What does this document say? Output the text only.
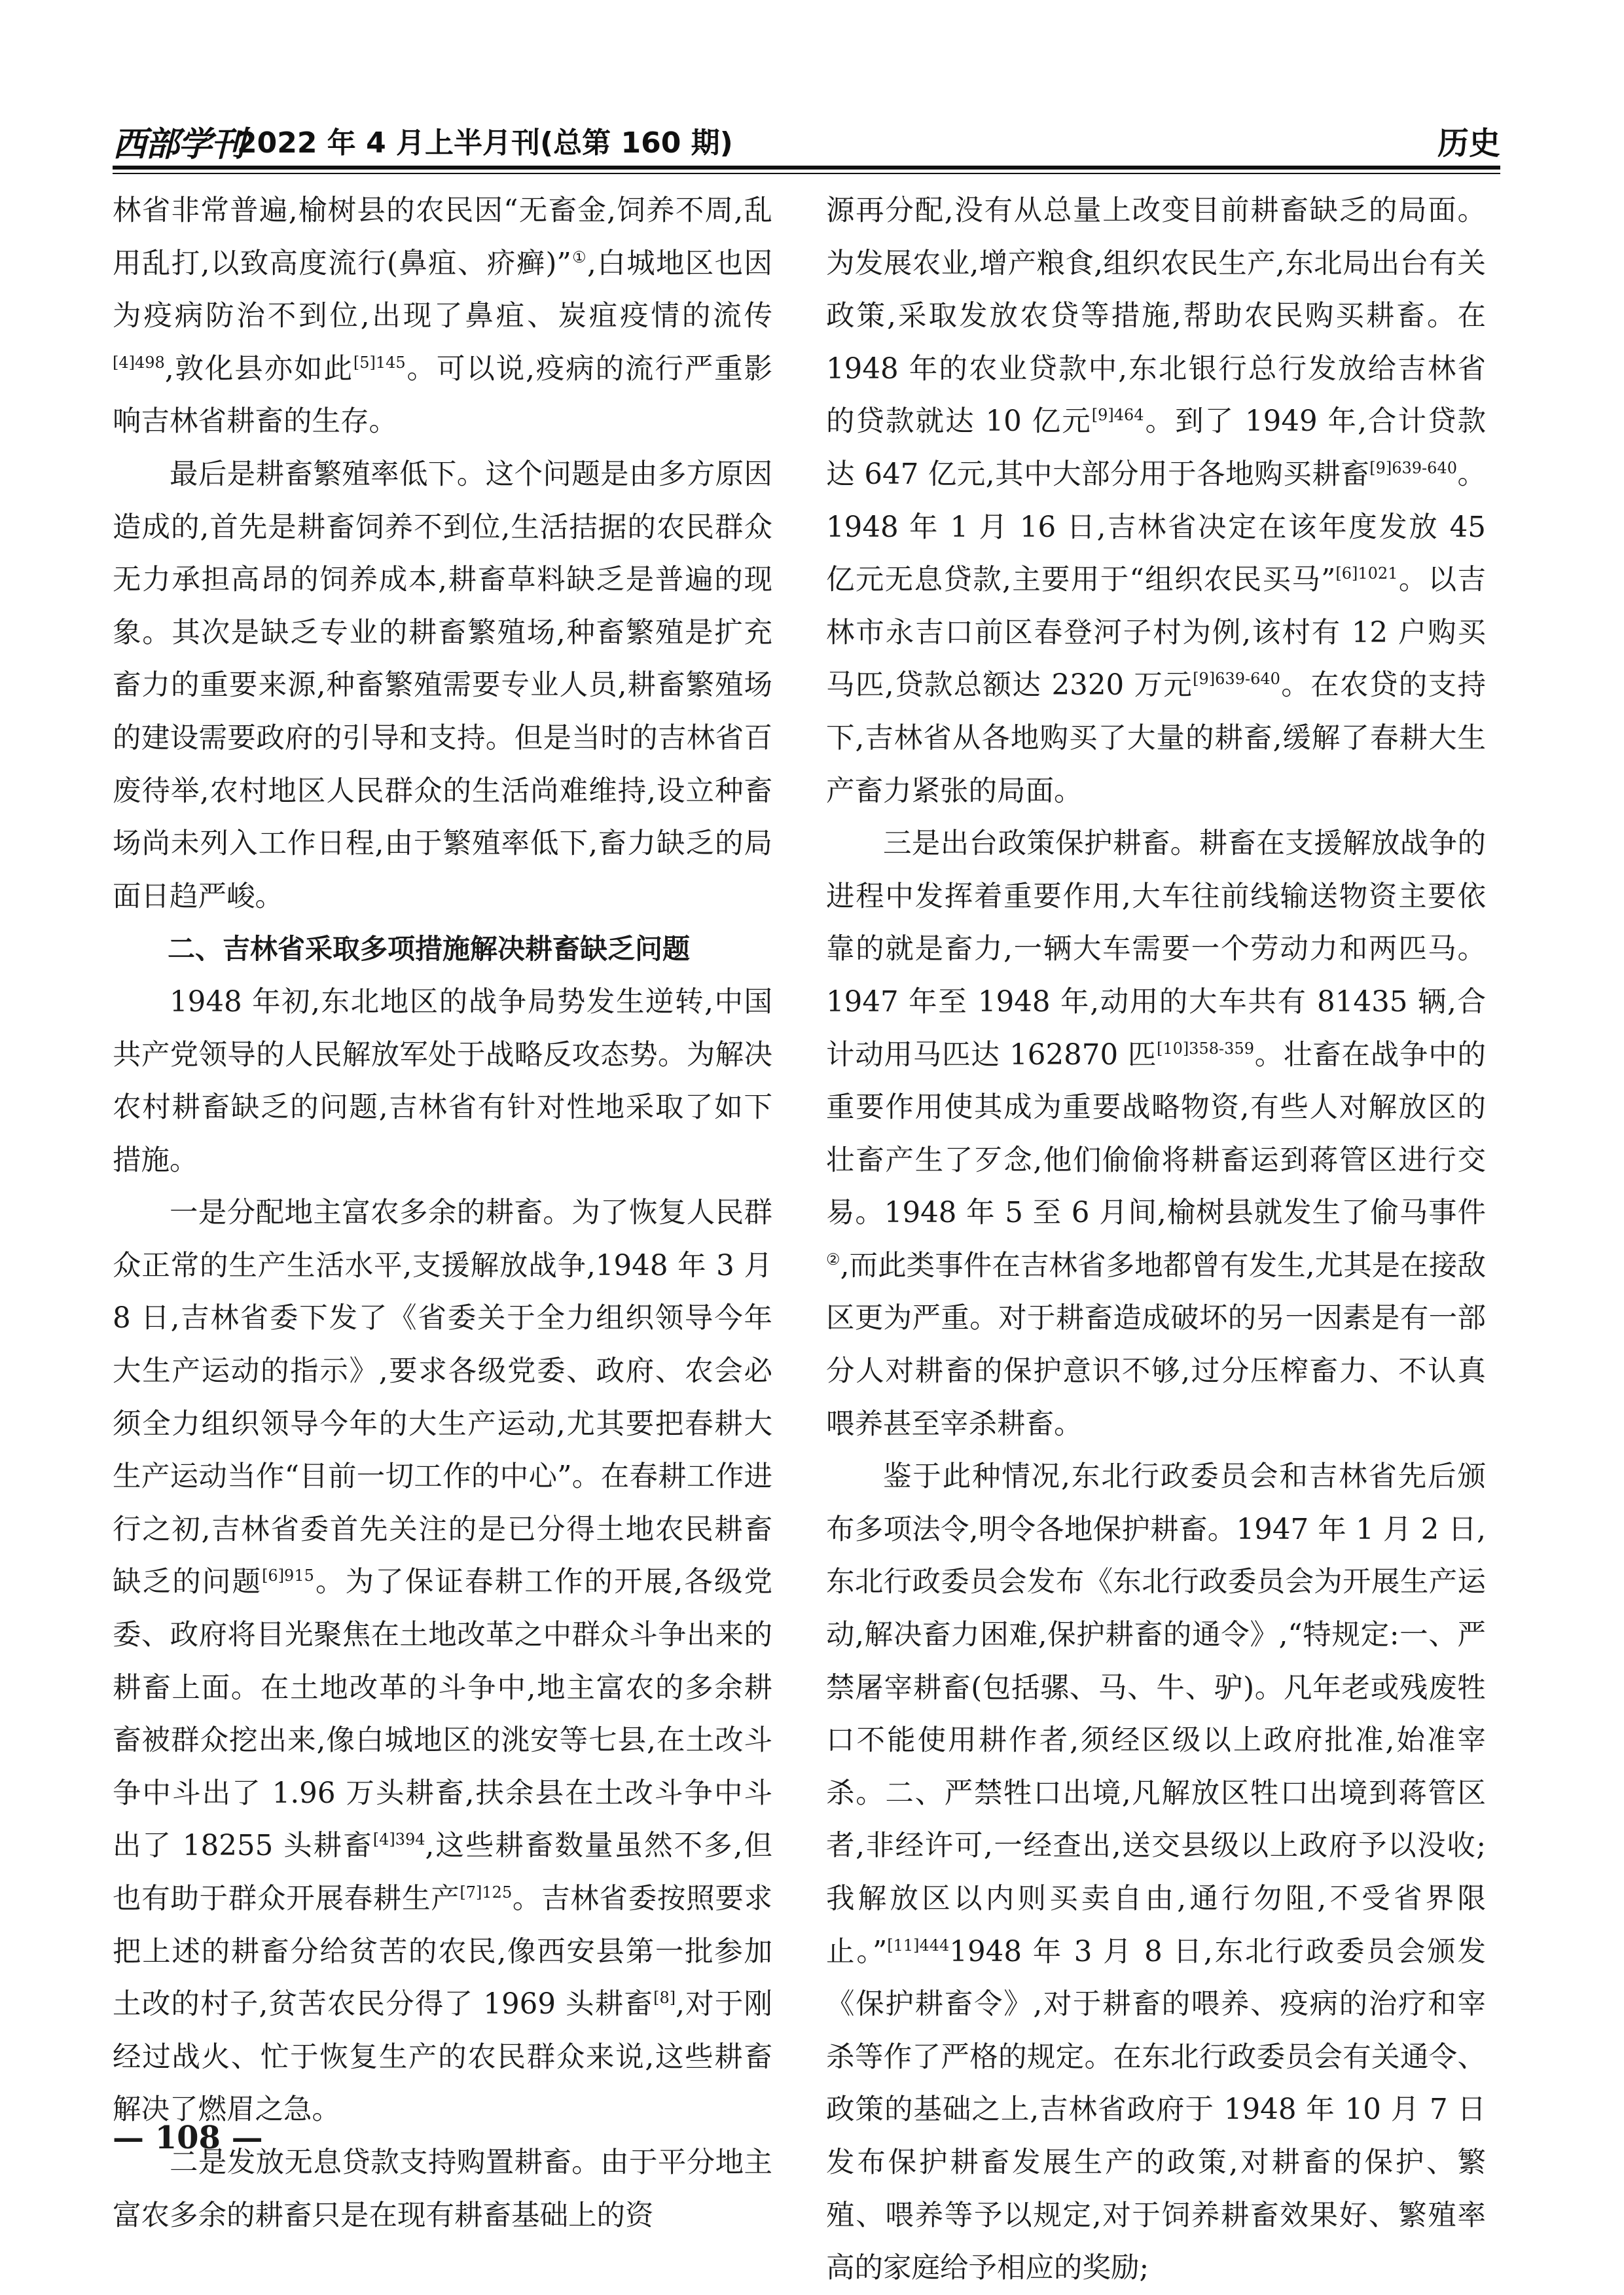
西部学刊
2022 年 4 月上半月刊(总第 160 期)	历史

林省非常普遍,榆树县的农民因“无畜金,饲养不周,乱用乱打,以致高度流行(鼻疽、疥癣)”①,白城地区也因为疫病防治不到位,出现了鼻疽、炭疽疫情的流传$^{[4]498}$,敦化县亦如此$^{[5]145}$。可以说,疫病的流行严重影响吉林省耕畜的生存。

最后是耕畜繁殖率低下。这个问题是由多方原因造成的,首先是耕畜饲养不到位,生活拮据的农民群众无力承担高昂的饲养成本,耕畜草料缺乏是普遍的现象。其次是缺乏专业的耕畜繁殖场,种畜繁殖是扩充畜力的重要来源,种畜繁殖需要专业人员,耕畜繁殖场的建设需要政府的引导和支持。但是当时的吉林省百废待举,农村地区人民群众的生活尚难维持,设立种畜场尚未列入工作日程,由于繁殖率低下,畜力缺乏的局面日趋严峻。

二、吉林省采取多项措施解决耕畜缺乏问题

1948 年初,东北地区的战争局势发生逆转,中国共产党领导的人民解放军处于战略反攻态势。为解决农村耕畜缺乏的问题,吉林省有针对性地采取了如下措施。

一是分配地主富农多余的耕畜。为了恢复人民群众正常的生产生活水平,支援解放战争,1948 年 3 月 8 日,吉林省委下发了《省委关于全力组织领导今年大生产运动的指示》,要求各级党委、政府、农会必须全力组织领导今年的大生产运动,尤其要把春耕大生产运动当作“目前一切工作的中心”。在春耕工作进行之初,吉林省委首先关注的是已分得土地农民耕畜缺乏的问题$^{[6]915}$。为了保证春耕工作的开展,各级党委、政府将目光聚焦在土地改革之中群众斗争出来的耕畜上面。在土地改革的斗争中,地主富农的多余耕畜被群众挖出来,像白城地区的洮安等七县,在土改斗争中斗出了 1.96 万头耕畜,扶余县在土改斗争中斗出了 18255 头耕畜$^{[4]394}$,这些耕畜数量虽然不多,但也有助于群众开展春耕生产$^{[7]125}$。吉林省委按照要求把上述的耕畜分给贫苦的农民,像西安县第一批参加土改的村子,贫苦农民分得了 1969 头耕畜[8],对于刚经过战火、忙于恢复生产的农民群众来说,这些耕畜解决了燃眉之急。

二是发放无息贷款支持购置耕畜。由于平分地主富农多余的耕畜只是在现有耕畜基础上的资

源再分配,没有从总量上改变目前耕畜缺乏的局面。为发展农业,增产粮食,组织农民生产,东北局出台有关政策,采取发放农贷等措施,帮助农民购买耕畜。在 1948 年的农业贷款中,东北银行总行发放给吉林省的贷款就达 10 亿元$^{[9]464}$。到了 1949 年,合计贷款达 647 亿元,其中大部分用于各地购买耕畜$^{[9]639-640}$。1948 年 1 月 16 日,吉林省决定在该年度发放 45 亿元无息贷款,主要用于“组织农民买马”$^{[6]1021}$。以吉林市永吉口前区春登河子村为例,该村有 12 户购买马匹,贷款总额达 2320 万元$^{[9]639-640}$。在农贷的支持下,吉林省从各地购买了大量的耕畜,缓解了春耕大生产畜力紧张的局面。

三是出台政策保护耕畜。耕畜在支援解放战争的进程中发挥着重要作用,大车往前线输送物资主要依靠的就是畜力,一辆大车需要一个劳动力和两匹马。1947 年至 1948 年,动用的大车共有 81435 辆,合计动用马匹达 162870 匹$^{[10]358-359}$。壮畜在战争中的重要作用使其成为重要战略物资,有些人对解放区的壮畜产生了歹念,他们偷偷将耕畜运到蒋管区进行交易。1948 年 5 至 6 月间,榆树县就发生了偷马事件②,而此类事件在吉林省多地都曾有发生,尤其是在接敌区更为严重。对于耕畜造成破坏的另一因素是有一部分人对耕畜的保护意识不够,过分压榨畜力、不认真喂养甚至宰杀耕畜。

鉴于此种情况,东北行政委员会和吉林省先后颁布多项法令,明令各地保护耕畜。1947 年 1 月 2 日,东北行政委员会发布《东北行政委员会为开展生产运动,解决畜力困难,保护耕畜的通令》,“特规定:一、严禁屠宰耕畜(包括骡、马、牛、驴)。凡年老或残废牲口不能使用耕作者,须经区级以上政府批准,始准宰杀。二、严禁牲口出境,凡解放区牲口出境到蒋管区者,非经许可,一经查出,送交县级以上政府予以没收;我解放区以内则买卖自由,通行勿阻,不受省界限止。”$^{[11]444}$1948 年 3 月 8 日,东北行政委员会颁发《保护耕畜令》,对于耕畜的喂养、疫病的治疗和宰杀等作了严格的规定。在东北行政委员会有关通令、政策的基础之上,吉林省政府于 1948 年 10 月 7 日发布保护耕畜发展生产的政策,对耕畜的保护、繁殖、喂养等予以规定,对于饲养耕畜效果好、繁殖率高的家庭给予相应的奖励;

— 108 —
